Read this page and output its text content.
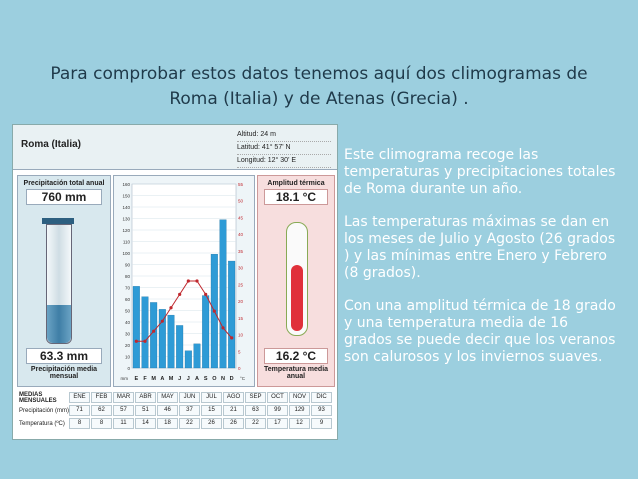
Para comprobar estos datos tenemos aquí dos climogramas de
Roma (Italia) y de Atenas (Grecia) .
Roma (Italia)
Altitud: 24 m
Latitud: 41° 57' N
Longitud: 12° 30' E
Precipitación total anual
760 mm
63.3 mm
Precipitación media mensual
0
10
20
30
40
50
60
70
80
90
100
110
120
130
140
150
160
0
5
10
15
20
25
30
35
40
45
50
55
E F M A M J J A S O N D
mm	°C
Amplitud térmica
18.1 °C
16.2 °C
Temperatura media anual
MEDIAS MENSUALES
ENE	FEB	MAR	ABR	MAY	JUN	JUL	AGO	SEP	OCT	NOV	DIC
Precipitación (mm)	71	62	57	51	46	37	15	21	63	99	129	93
Temperatura (ºC)	8	8	11	14	18	22	26	26	22	17	12	9

Este climograma recoge las temperaturas y precipitaciones totales de Roma durante un año.

Las temperaturas máximas se dan en los meses de Julio y Agosto (26 grados ) y las mínimas entre Enero y Febrero (8 grados).

Con una amplitud térmica de 18 grado y una temperatura media de 16 grados se puede decir que los veranos son calurosos y los inviernos suaves.
